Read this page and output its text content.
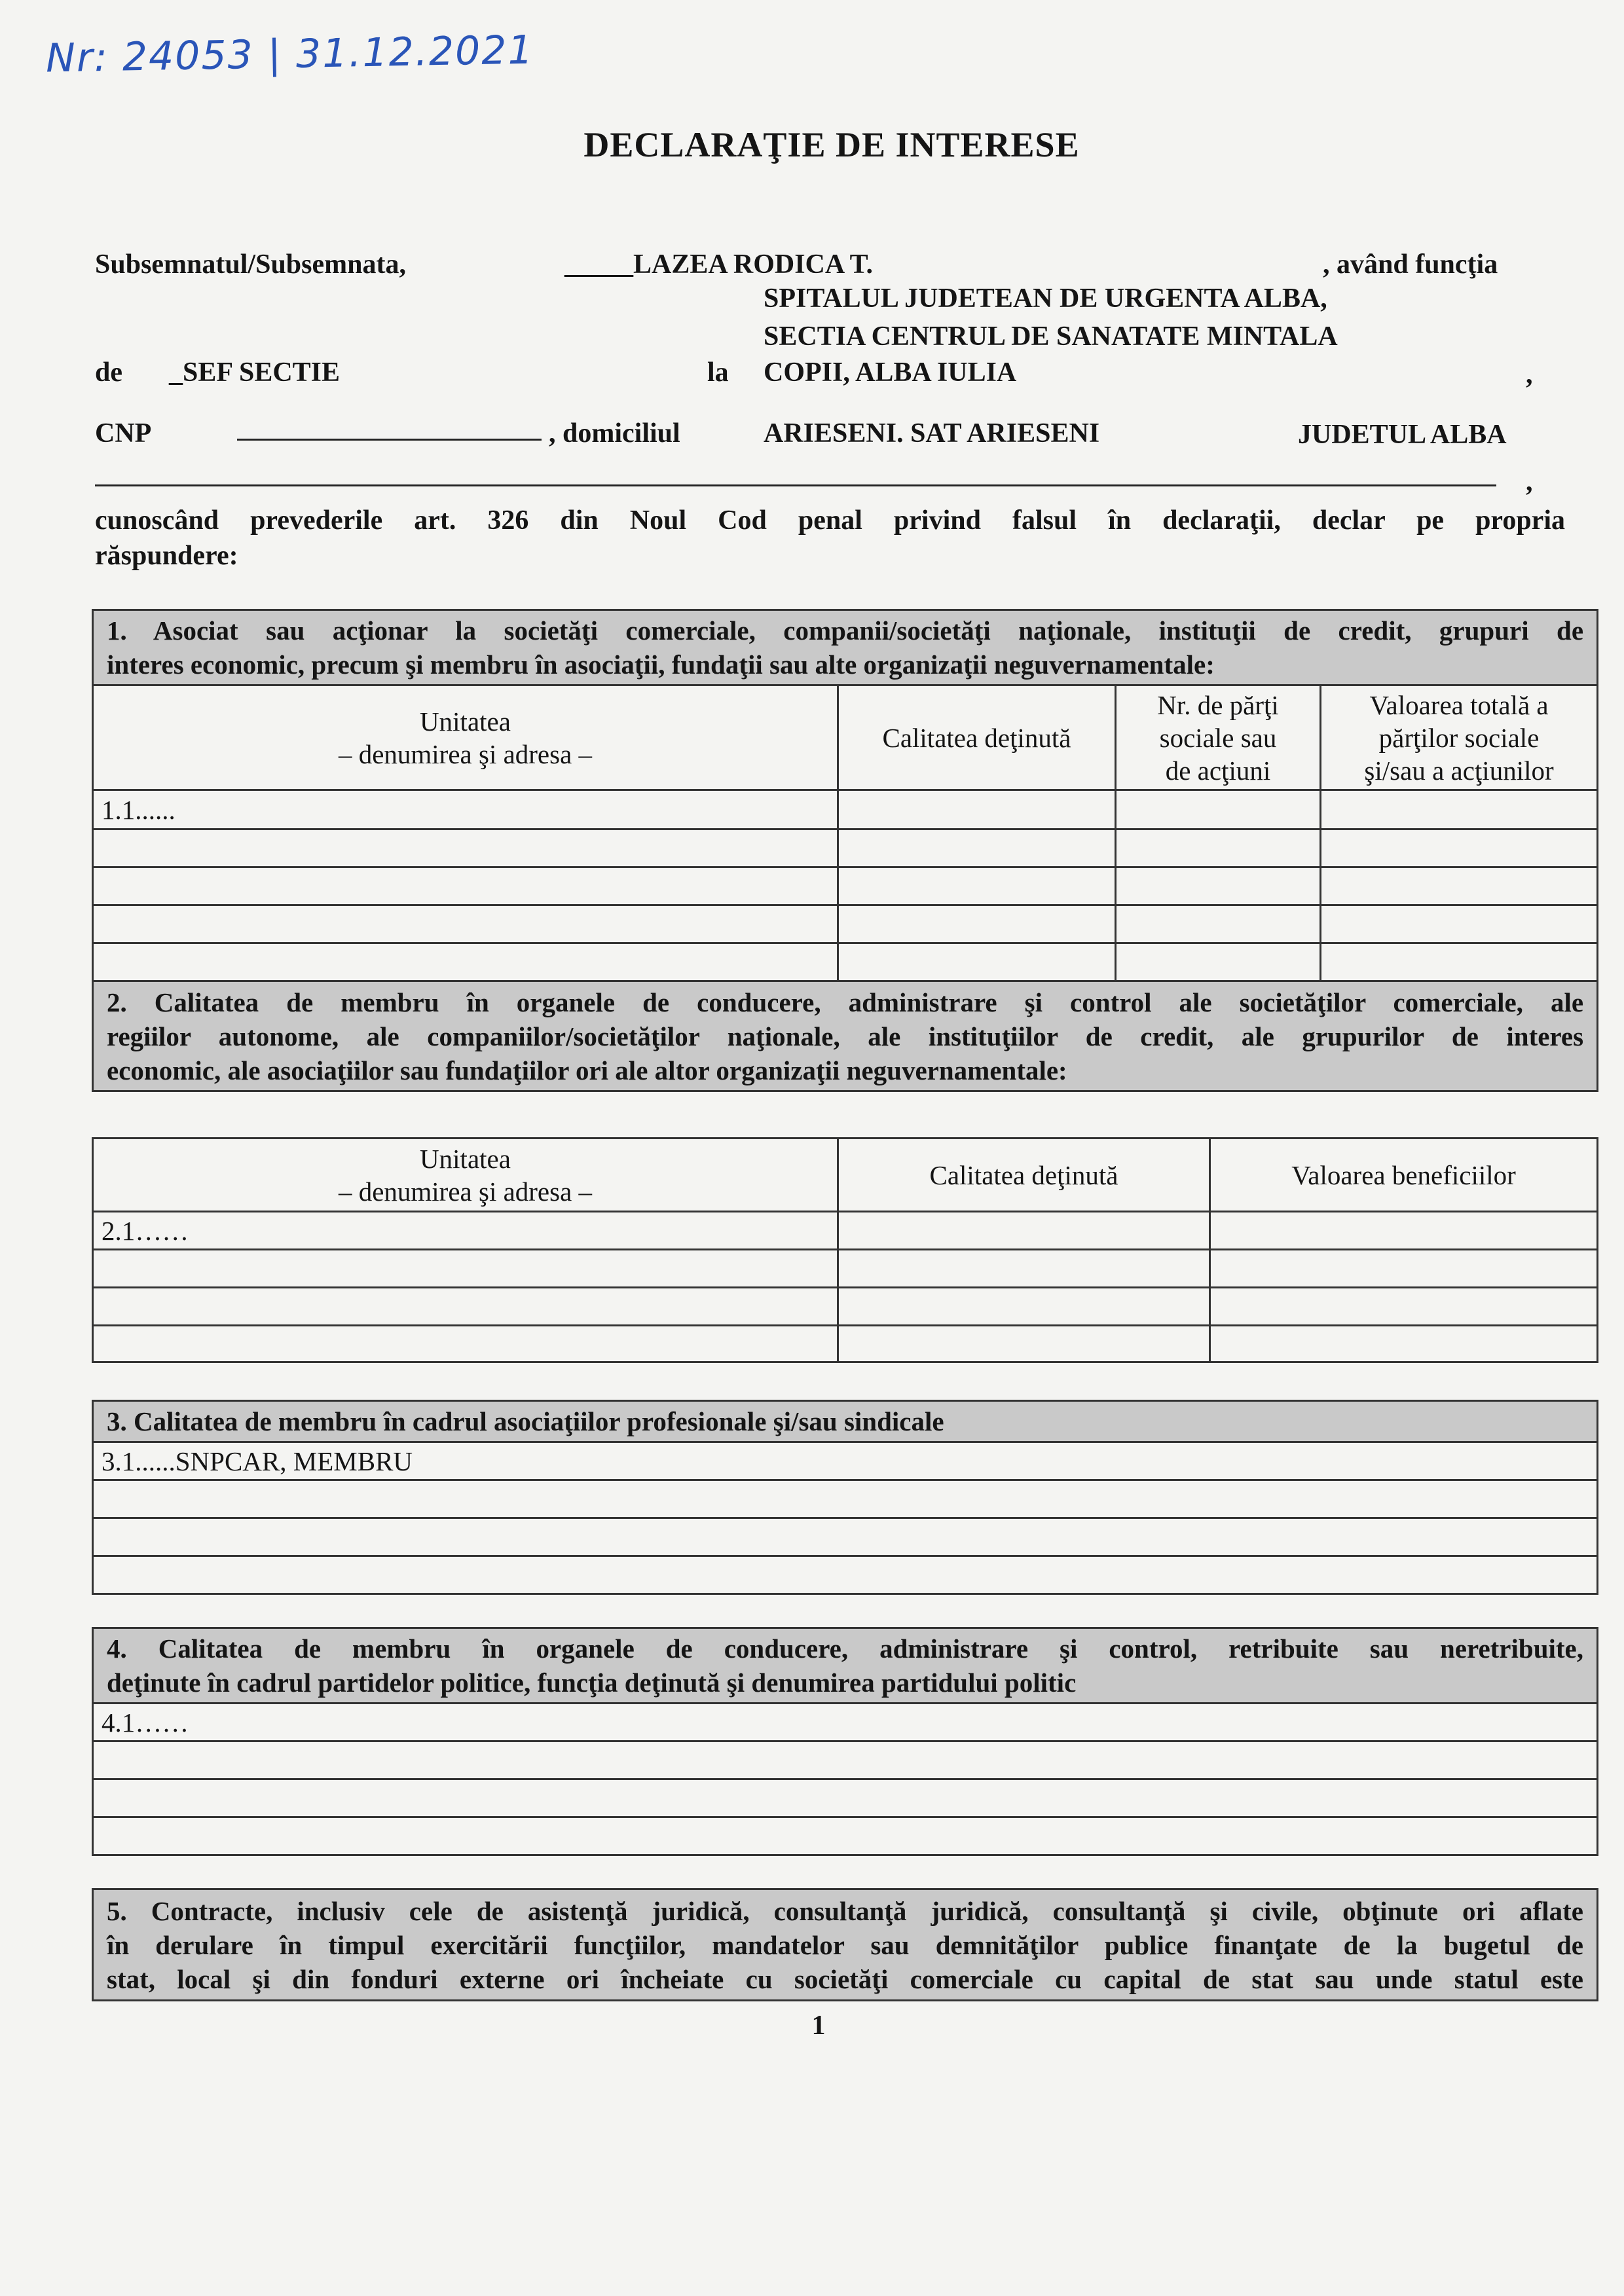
Nr: 24053 | 31.12.2021
DECLARAŢIE DE INTERESE
Subsemnatul/Subsemnata,	_____LAZEA RODICA T.	, având funcţia
SPITALUL JUDETEAN DE URGENTA ALBA,
SECTIA CENTRUL DE SANATATE MINTALA
de _SEF SECTIE	la COPII, ALBA IULIA	,
CNP	, domiciliul	ARIESENI. SAT ARIESENI	JUDETUL ALBA
,
cunoscând prevederile art. 326 din Noul Cod penal privind falsul în declaraţii, declar pe propria
răspundere:
1. Asociat sau acţionar la societăţi comerciale, companii/societăţi naţionale, instituţii de credit, grupuri de
interes economic, precum şi membru în asociaţii, fundaţii sau alte organizaţii neguvernamentale:			

Unitatea
– denumirea şi adresa –	Calitatea deţinută	Nr. de părţi
sociale sau
de acţiuni	Valoarea totală a
părţilor sociale
şi/sau a acţiunilor

1.1......			

2. Calitatea de membru în organele de conducere, administrare şi control ale societăţilor comerciale, ale
regiilor autonome, ale companiilor/societăţilor naţionale, ale instituţiilor de credit, ale grupurilor de interes
economic, ale asociaţiilor sau fundaţiilor ori ale altor organizaţii neguvernamentale:			
Unitatea
– denumirea şi adresa –	Calitatea deţinută	Valoarea beneficiilor
2.1……		

3. Calitatea de membru în cadrul asociaţiilor profesionale şi/sau sindicale
3.1......SNPCAR, MEMBRU

4. Calitatea de membru în organele de conducere, administrare şi control, retribuite sau neretribuite,
deţinute în cadrul partidelor politice, funcţia deţinută şi denumirea partidului politic

4.1……

5. Contracte, inclusiv cele de asistenţă juridică, consultanţă juridică, consultanţă şi civile, obţinute ori aflate
în derulare în timpul exercitării funcţiilor, mandatelor sau demnităţilor publice finanţate de la bugetul de
stat, local şi din fonduri externe ori încheiate cu societăţi comerciale cu capital de stat sau unde statul este
1
